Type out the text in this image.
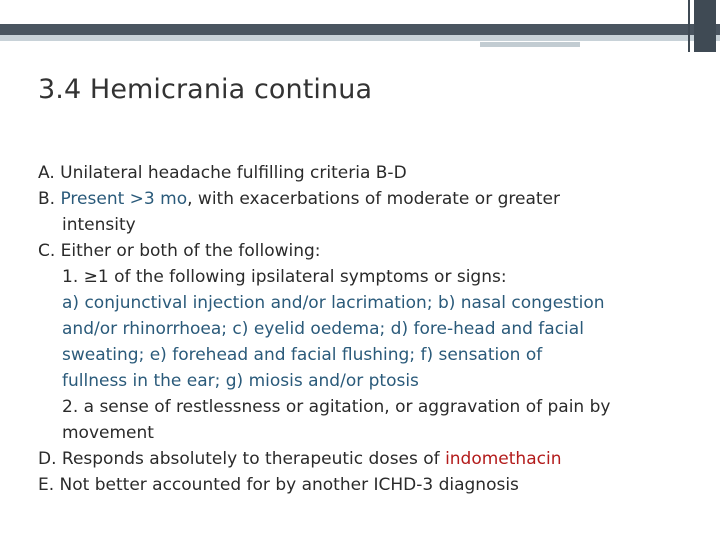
3.4 Hemicrania continua
A. Unilateral headache fulfilling criteria B-D
B. Present >3 mo, with exacerbations of moderate or greater
intensity
C. Either or both of the following:
1. ≥1 of the following ipsilateral symptoms or signs:
a) conjunctival injection and/or lacrimation; b) nasal congestion
and/or rhinorrhoea; c) eyelid oedema; d) fore-head and facial
sweating; e) forehead and facial flushing; f) sensation of
fullness in the ear; g) miosis and/or ptosis
2. a sense of restlessness or agitation, or aggravation of pain by
movement
D. Responds absolutely to therapeutic doses of indomethacin
E. Not better accounted for by another ICHD-3 diagnosis
